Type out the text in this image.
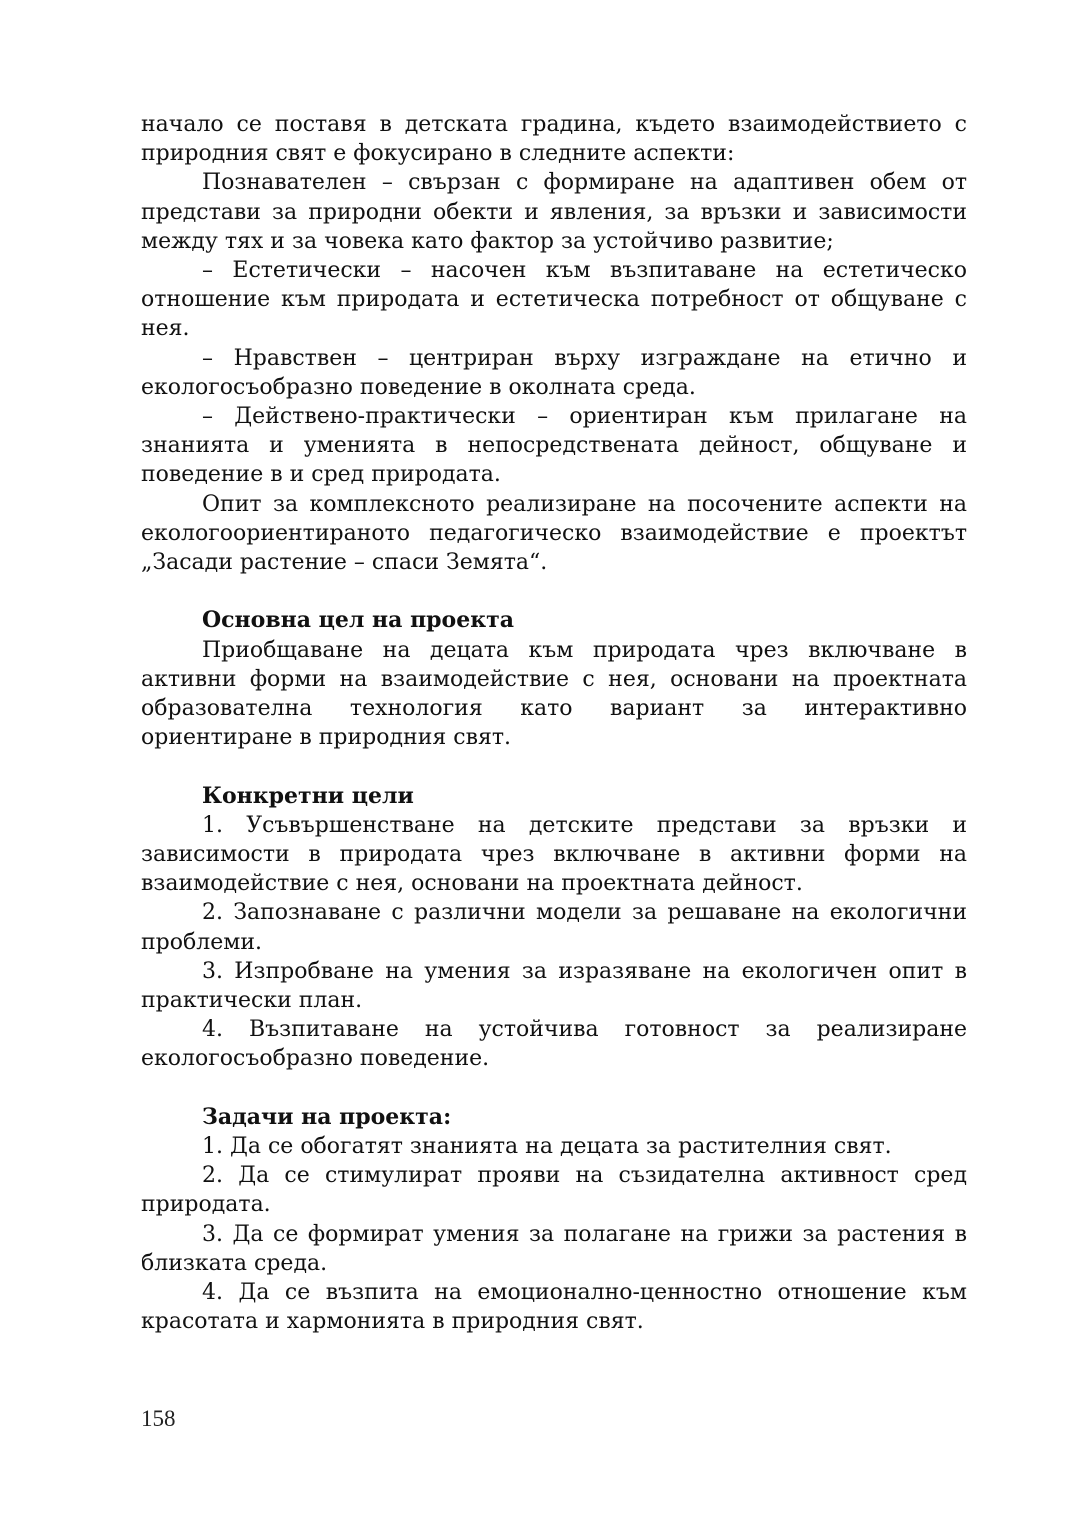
начало се поставя в детската градина, където взаимодействието с природния свят е фокусирано в следните аспекти:

Познавателен – свързан с формиране на адаптивен обем от представи за природни обекти и явления, за връзки и зависимости между тях и за човека като фактор за устойчиво развитие;

– Естетически – насочен към възпитаване на естетическо отношение към природата и естетическа потребност от общуване с нея.

– Нравствен – центриран върху изграждане на етично и екологосъобразно поведение в околната среда.

– Действено-практически – ориентиран към прилагане на знанията и уменията в непосредствената дейност, общуване и поведение в и сред природата.

Опит за комплексното реализиране на посочените аспекти на екологоориентираното педагогическо взаимодействие е проектът „Засади растение – спаси Земята“.

Основна цел на проекта

Приобщаване на децата към природата чрез включване в активни форми на взаимодействие с нея, основани на проектната образователна технология като вариант за интерактивно ориентиране в природния свят.

Конкретни цели

1. Усъвършенстване на детските представи за връзки и зависимости в природата чрез включване в активни форми на взаимодействие с нея, основани на проектната дейност.

2. Запознаване с различни модели за решаване на екологични проблеми.

3. Изпробване на умения за изразяване на екологичен опит в практически план.

4. Възпитаване на устойчива готовност за реализиране екологосъобразно поведение.

Задачи на проекта:

1. Да се обогатят знанията на децата за растителния свят.

2. Да се стимулират прояви на съзидателна активност сред природата.

3. Да се формират умения за полагане на грижи за растения в близката среда.

4. Да се възпита на емоционално-ценностно отношение към красотата и хармонията в природния свят.

158
